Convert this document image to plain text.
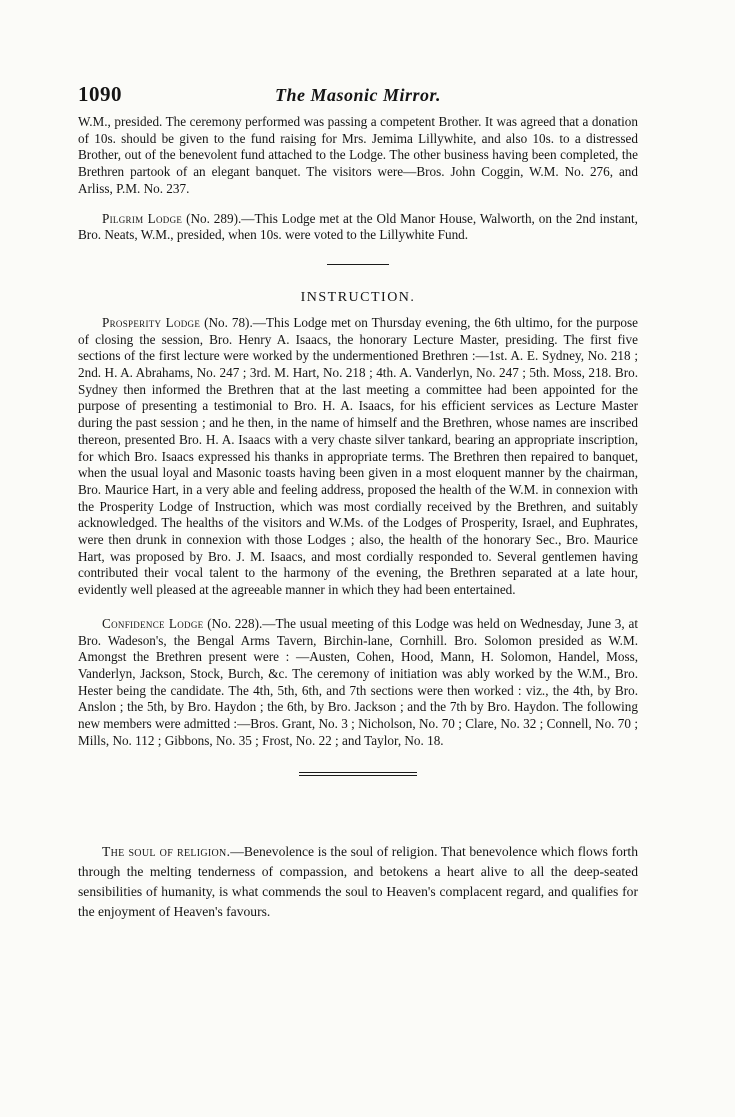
1090	The Masonic Mirror.

W.M., presided. The ceremony performed was passing a competent Brother. It was agreed that a donation of 10s. should be given to the fund raising for Mrs. Jemima Lillywhite, and also 10s. to a distressed Brother, out of the benevolent fund attached to the Lodge. The other business having been completed, the Brethren partook of an elegant banquet. The visitors were—Bros. John Coggin, W.M. No. 276, and Arliss, P.M. No. 237.

Pilgrim Lodge (No. 289).—This Lodge met at the Old Manor House, Walworth, on the 2nd instant, Bro. Neats, W.M., presided, when 10s. were voted to the Lillywhite Fund.

INSTRUCTION.

Prosperity Lodge (No. 78).—This Lodge met on Thursday evening, the 6th ultimo, for the purpose of closing the session, Bro. Henry A. Isaacs, the honorary Lecture Master, presiding. The first five sections of the first lecture were worked by the undermentioned Brethren :—1st. A. E. Sydney, No. 218 ; 2nd. H. A. Abrahams, No. 247 ; 3rd. M. Hart, No. 218 ; 4th. A. Vanderlyn, No. 247 ; 5th. Moss, 218. Bro. Sydney then informed the Brethren that at the last meeting a committee had been appointed for the purpose of presenting a testimonial to Bro. H. A. Isaacs, for his efficient services as Lecture Master during the past session ; and he then, in the name of himself and the Brethren, whose names are inscribed thereon, presented Bro. H. A. Isaacs with a very chaste silver tankard, bearing an appropriate inscription, for which Bro. Isaacs expressed his thanks in appropriate terms. The Brethren then repaired to banquet, when the usual loyal and Masonic toasts having been given in a most eloquent manner by the chairman, Bro. Maurice Hart, in a very able and feeling address, proposed the health of the W.M. in connexion with the Prosperity Lodge of Instruction, which was most cordially received by the Brethren, and suitably acknowledged. The healths of the visitors and W.Ms. of the Lodges of Prosperity, Israel, and Euphrates, were then drunk in connexion with those Lodges ; also, the health of the honorary Sec., Bro. Maurice Hart, was proposed by Bro. J. M. Isaacs, and most cordially responded to. Several gentlemen having contributed their vocal talent to the harmony of the evening, the Brethren separated at a late hour, evidently well pleased at the agreeable manner in which they had been entertained.

Confidence Lodge (No. 228).—The usual meeting of this Lodge was held on Wednesday, June 3, at Bro. Wadeson's, the Bengal Arms Tavern, Birchin-lane, Cornhill. Bro. Solomon presided as W.M. Amongst the Brethren present were : —Austen, Cohen, Hood, Mann, H. Solomon, Handel, Moss, Vanderlyn, Jackson, Stock, Burch, &c. The ceremony of initiation was ably worked by the W.M., Bro. Hester being the candidate. The 4th, 5th, 6th, and 7th sections were then worked : viz., the 4th, by Bro. Anslon ; the 5th, by Bro. Haydon ; the 6th, by Bro. Jackson ; and the 7th by Bro. Haydon. The following new members were admitted :—Bros. Grant, No. 3 ; Nicholson, No. 70 ; Clare, No. 32 ; Connell, No. 70 ; Mills, No. 112 ; Gibbons, No. 35 ; Frost, No. 22 ; and Taylor, No. 18.

The soul of religion.—Benevolence is the soul of religion. That benevolence which flows forth through the melting tenderness of compassion, and betokens a heart alive to all the deep-seated sensibilities of humanity, is what commends the soul to Heaven's complacent regard, and qualifies for the enjoyment of Heaven's favours.
